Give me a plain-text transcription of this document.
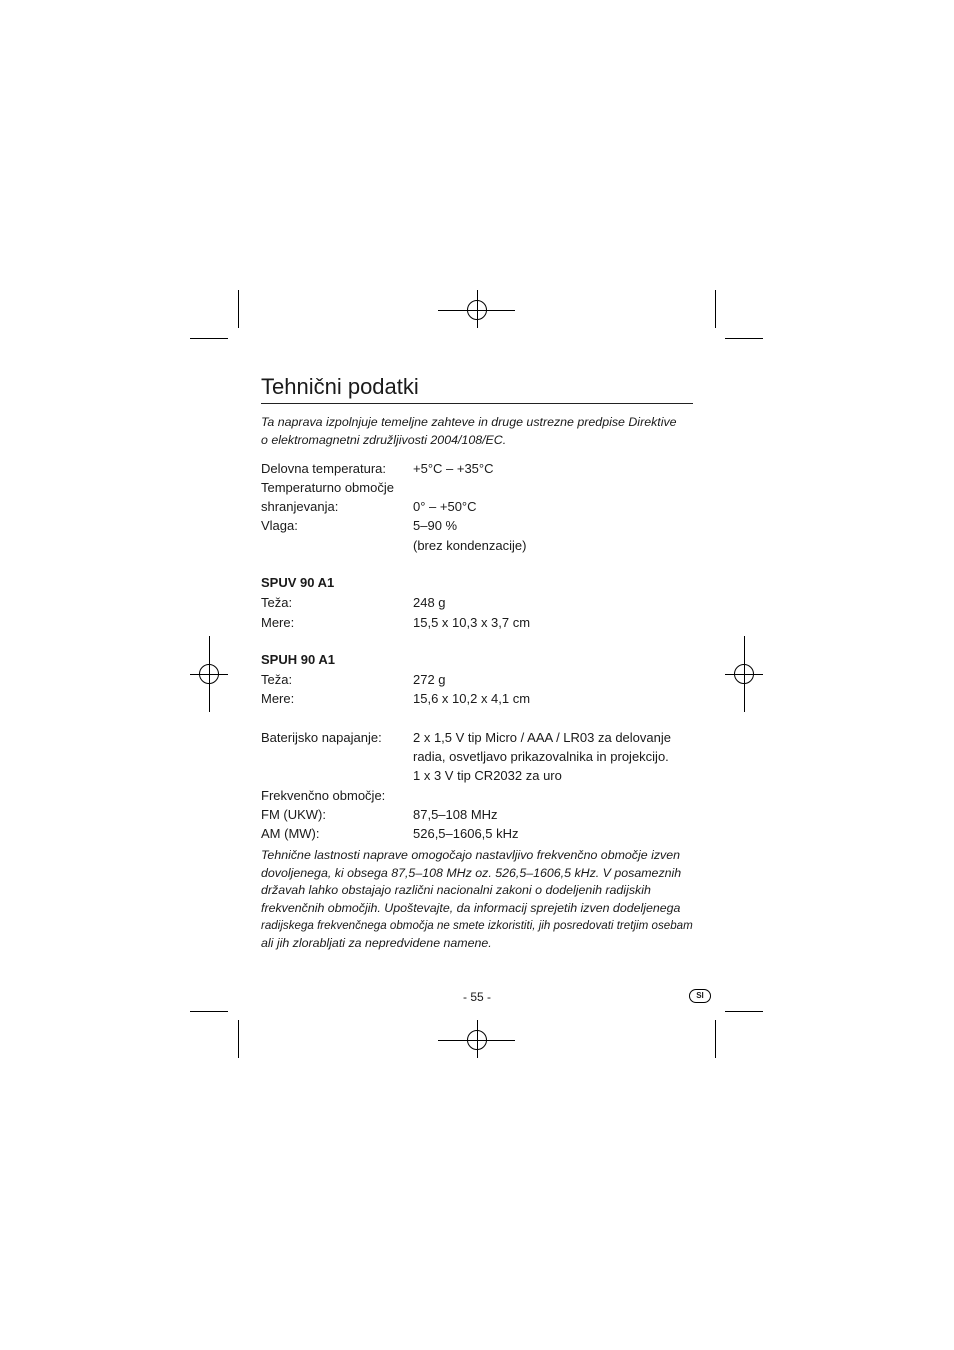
Tehnični podatki

Ta naprava izpolnjuje temeljne zahteve in druge ustrezne predpise Direktive

o elektromagnetni združljivosti 2004/108/EC.

Delovna temperatura: +5°C – +35°C
Temperaturno območje
shranjevanja:	0° – +50°C
Vlaga:	5–90 %
(brez kondenzacije)
SPUV 90 A1
Teža:	248 g
Mere:	15,5 x 10,3 x 3,7 cm
SPUH 90 A1
Teža:	272 g
Mere:	15,6 x 10,2 x 4,1 cm
Baterijsko napajanje: 2 x 1,5 V tip Micro / AAA / LR03 za delovanje
radia, osvetljavo prikazovalnika in projekcijo.
1 x 3 V tip CR2032 za uro
Frekvenčno območje:
FM (UKW):	87,5–108 MHz
AM (MW):	526,5–1606,5 kHz

Tehnične lastnosti naprave omogočajo nastavljivo frekvenčno območje izven

dovoljenega, ki obsega 87,5–108 MHz oz. 526,5–1606,5 kHz. V posameznih

državah lahko obstajajo različni nacionalni zakoni o dodeljenih radijskih

frekvenčnih območjih. Upoštevajte, da informacij sprejetih izven dodeljenega

radijskega frekvenčnega območja ne smete izkoristiti, jih posredovati tretjim osebam

ali jih zlorabljati za nepredvidene namene.

- 55 -	SI
